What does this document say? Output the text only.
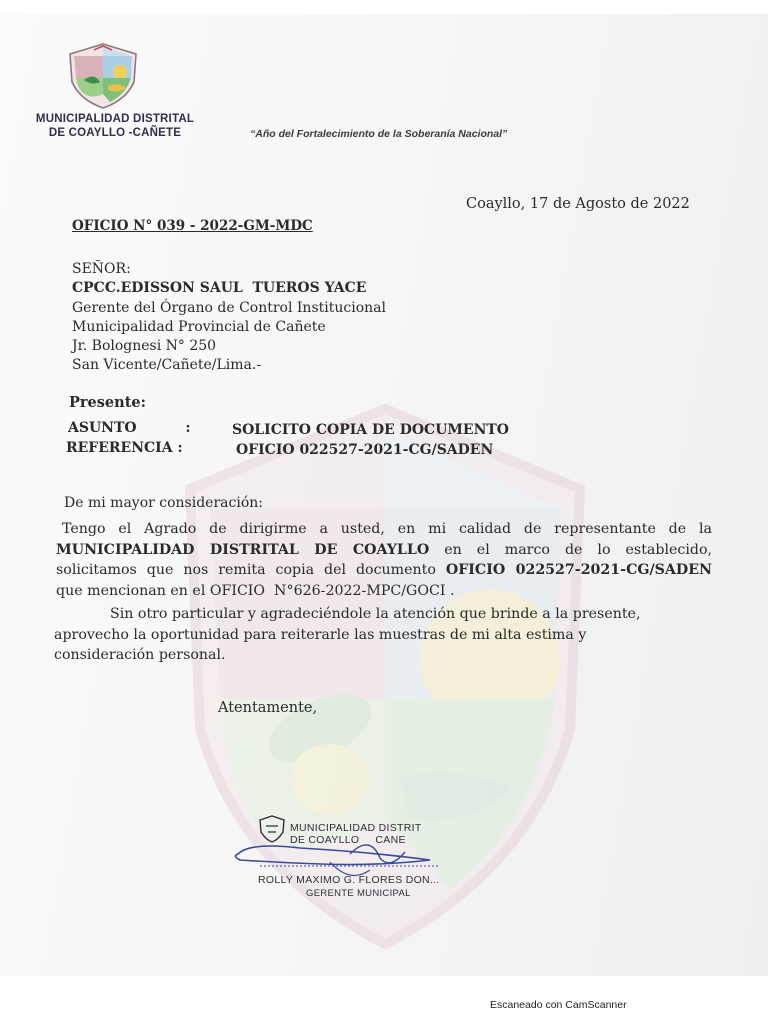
MUNICIPALIDAD DISTRITAL
DE COAYLLO -CAÑETE	“Año del Fortalecimiento de la Soberanía Nacional”
Coayllo, 17 de Agosto de 2022
OFICIO N° 039 - 2022-GM-MDC
SEÑOR:
CPCC.EDISSON SAUL  TUEROS YACE
Gerente del Órgano de Control Institucional
Municipalidad Provincial de Cañete
Jr. Bolognesi N° 250
San Vicente/Cañete/Lima.-
Presente:
ASUNTO          :	SOLICITO COPIA DE DOCUMENTO
REFERENCIA :	OFICIO 022527-2021-CG/SADEN
De mi mayor consideración:
Tengo el Agrado de dirigirme a usted, en mi calidad de representante de la
MUNICIPALIDAD DISTRITAL DE COAYLLO en el marco de lo establecido,
solicitamos que nos remita copia del documento OFICIO 022527-2021-CG/SADEN
que mencionan en el OFICIO  N°626-2022-MPC/GOCI .
Sin otro particular y agradeciéndole la atención que brinde a la presente,
aprovecho la oportunidad para reiterarle las muestras de mi alta estima y
consideración personal.
Atentamente,
MUNICIPALIDAD DISTRIT
DE COAYLLO     CANE
ROLLY MAXIMO G. FLORES DON...
GERENTE MUNICIPAL
Escaneado con CamScanner
